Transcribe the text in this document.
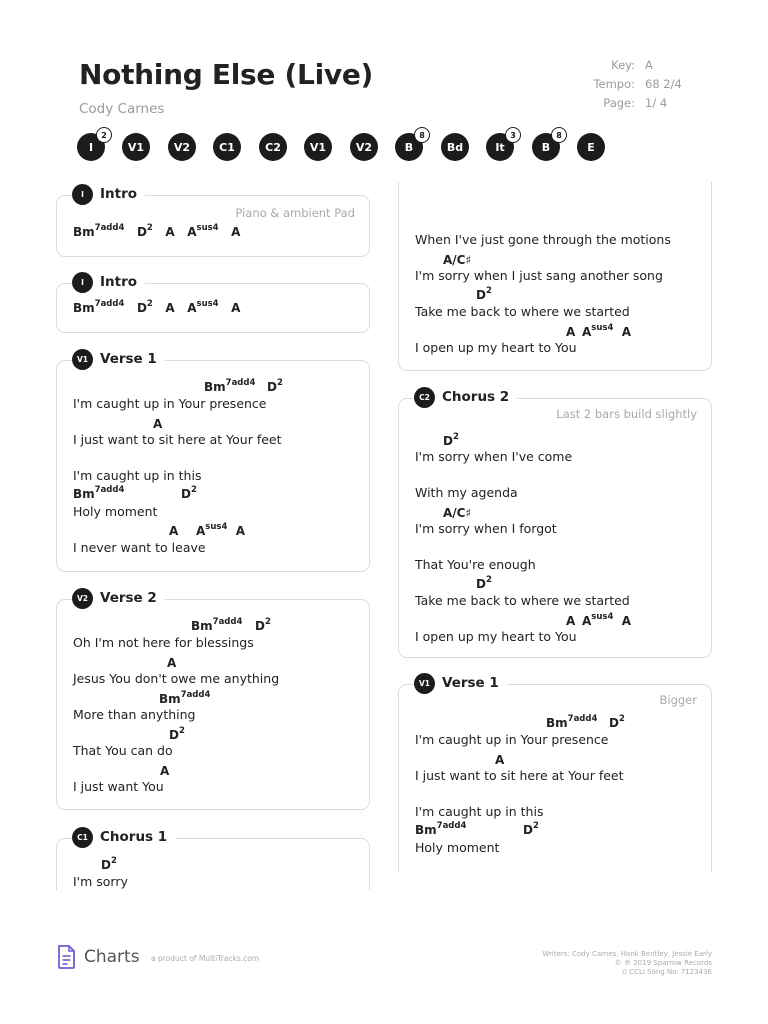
Nothing Else (Live)
Cody Carnes
Key: A
Tempo: 68 2/4
Page: 1/ 4
I
2
V1	V2	C1	C2	V1	V2	B
8
Bd	It
3
B
8
E
I	Intro
Piano & ambient Pad
$Bm^{7add4}$ $D^2$ A $A^{sus4}$ A
I	Intro
$Bm^{7add4}$ $D^2$ A $A^{sus4}$ A
V1 Verse 1
$Bm^{7add4}$ $D^2$
I'm caught up in Your presence
A
I just want to sit here at Your feet
I'm caught up in this
$Bm^{7add4}$	$D^2$
Holy moment
A $A^{sus4}$ A
I never want to leave
V2 Verse 2
$Bm^{7add4}$ $D^2$
Oh I'm not here for blessings
A
Jesus You don't owe me anything
$Bm^{7add4}$
More than anything
$D^2$
That You can do
A
I just want You
C1 Chorus 1
$D^2$
I'm sorry
When I've just gone through the motions
A/C♯
I'm sorry when I just sang another song
$D^2$
Take me back to where we started
A $A^{sus4}$ A
I open up my heart to You
C2 Chorus 2
Last 2 bars build slightly
$D^2$
I'm sorry when I've come
With my agenda
A/C♯
I'm sorry when I forgot
That You're enough
$D^2$
Take me back to where we started
A $A^{sus4}$ A
I open up my heart to You
V1 Verse 1
Bigger
$Bm^{7add4}$ $D^2$
I'm caught up in Your presence
A
I just want to sit here at Your feet
I'm caught up in this
$Bm^{7add4}$	$D^2$
Holy moment
Charts a product of MultiTracks.com	Writers: Cody Carnes, Hank Bentley, Jessie Early
© ℗ 2019 Sparrow Records
// CCLI Song No. 7123436
